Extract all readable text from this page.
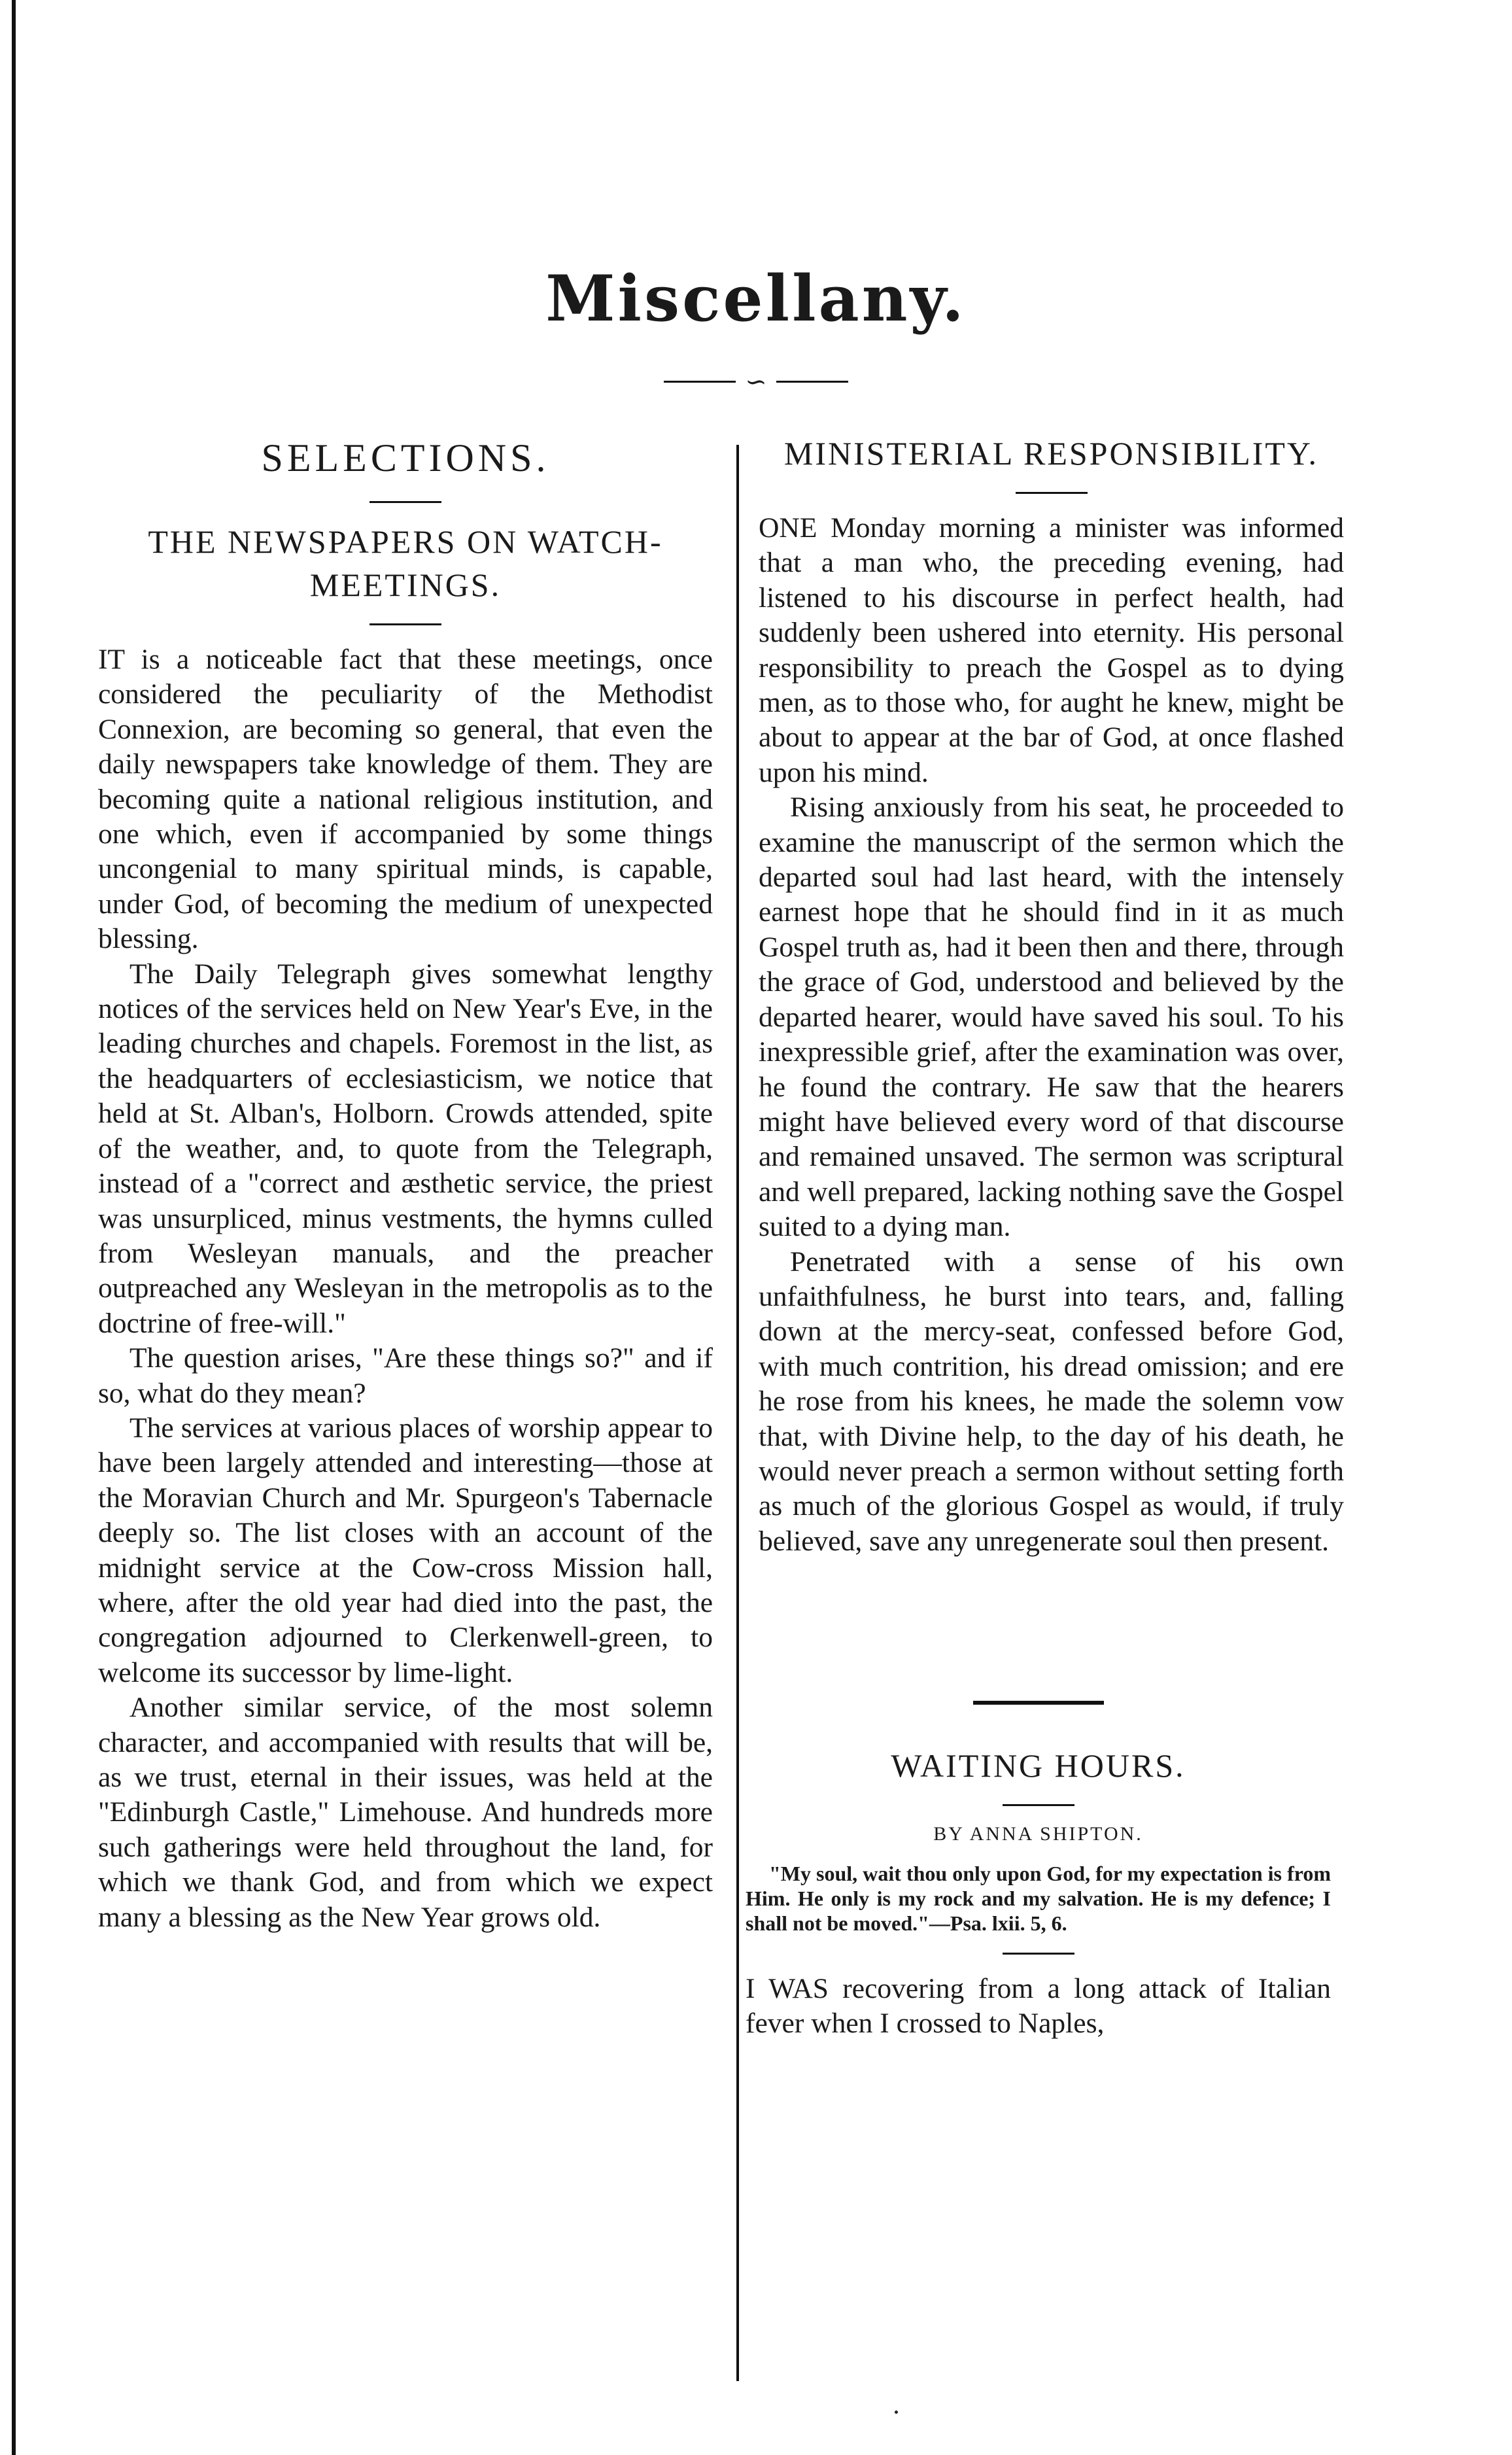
Miscellany.
∽
SELECTIONS.
THE NEWSPAPERS ON WATCH-MEETINGS.

IT is a noticeable fact that these meetings, once considered the peculiarity of the Methodist Connexion, are becoming so general, that even the daily newspapers take knowledge of them. They are becoming quite a national religious institution, and one which, even if accompanied by some things uncongenial to many spiritual minds, is capable, under God, of becoming the medium of unexpected blessing.

The Daily Telegraph gives somewhat lengthy notices of the services held on New Year's Eve, in the leading churches and chapels. Foremost in the list, as the headquarters of ecclesiasticism, we notice that held at St. Alban's, Holborn. Crowds attended, spite of the weather, and, to quote from the Telegraph, instead of a "correct and æsthetic service, the priest was unsurpliced, minus vestments, the hymns culled from Wesleyan manuals, and the preacher outpreached any Wesleyan in the metropolis as to the doctrine of free-will."

The question arises, "Are these things so?" and if so, what do they mean?

The services at various places of worship appear to have been largely attended and interesting—those at the Moravian Church and Mr. Spurgeon's Tabernacle deeply so. The list closes with an account of the midnight service at the Cow-cross Mission hall, where, after the old year had died into the past, the congregation adjourned to Clerkenwell-green, to welcome its successor by lime-light.

Another similar service, of the most solemn character, and accompanied with results that will be, as we trust, eternal in their issues, was held at the "Edinburgh Castle," Limehouse. And hundreds more such gatherings were held throughout the land, for which we thank God, and from which we expect many a blessing as the New Year grows old.

MINISTERIAL RESPONSIBILITY.

ONE Monday morning a minister was informed that a man who, the preceding evening, had listened to his discourse in perfect health, had suddenly been ushered into eternity. His personal responsibility to preach the Gospel as to dying men, as to those who, for aught he knew, might be about to appear at the bar of God, at once flashed upon his mind.

Rising anxiously from his seat, he proceeded to examine the manuscript of the sermon which the departed soul had last heard, with the intensely earnest hope that he should find in it as much Gospel truth as, had it been then and there, through the grace of God, understood and believed by the departed hearer, would have saved his soul. To his inexpressible grief, after the examination was over, he found the contrary. He saw that the hearers might have believed every word of that discourse and remained unsaved. The sermon was scriptural and well prepared, lacking nothing save the Gospel suited to a dying man.

Penetrated with a sense of his own unfaithfulness, he burst into tears, and, falling down at the mercy-seat, confessed before God, with much contrition, his dread omission; and ere he rose from his knees, he made the solemn vow that, with Divine help, to the day of his death, he would never preach a sermon without setting forth as much of the glorious Gospel as would, if truly believed, save any unregenerate soul then present.

WAITING HOURS.

BY ANNA SHIPTON.

"My soul, wait thou only upon God, for my expectation is from Him. He only is my rock and my salvation. He is my defence; I shall not be moved."—Psa. lxii. 5, 6.

I WAS recovering from a long attack of Italian fever when I crossed to Naples,
